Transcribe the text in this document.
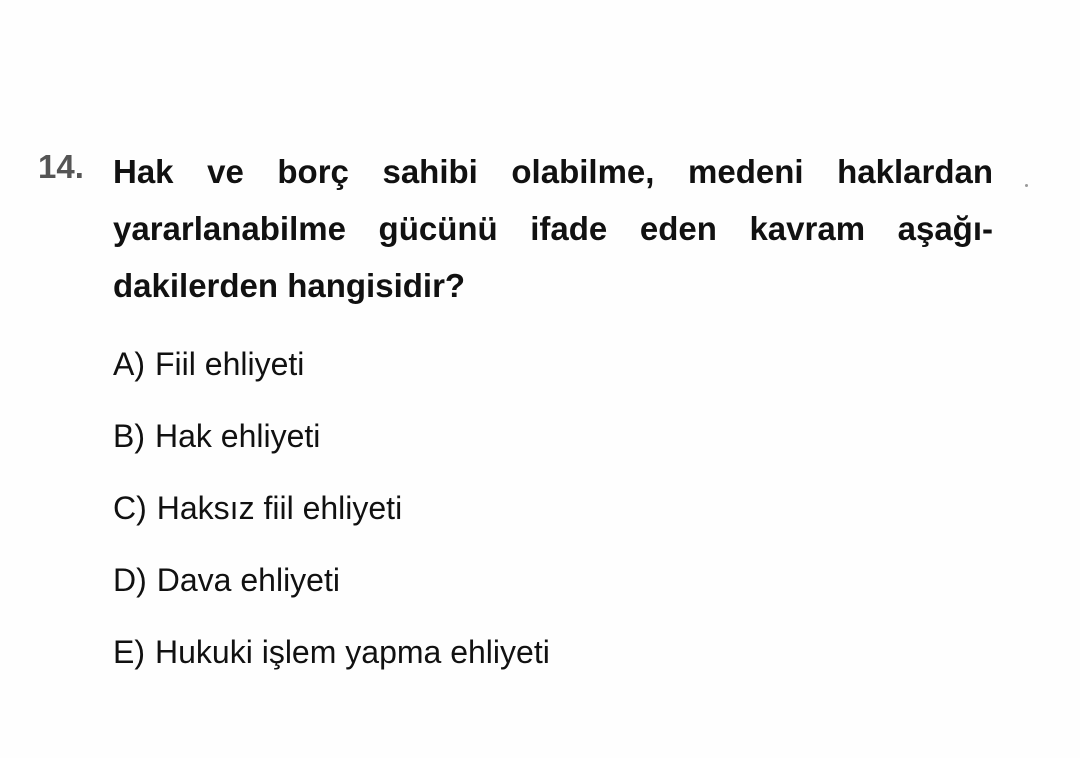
14. Hak ve borç sahibi olabilme, medeni haklardan
yararlanabilme gücünü ifade eden kavram aşağı-
dakilerden hangisidir?

A) Fiil ehliyeti
B) Hak ehliyeti
C) Haksız fiil ehliyeti
D) Dava ehliyeti
E) Hukuki işlem yapma ehliyeti
